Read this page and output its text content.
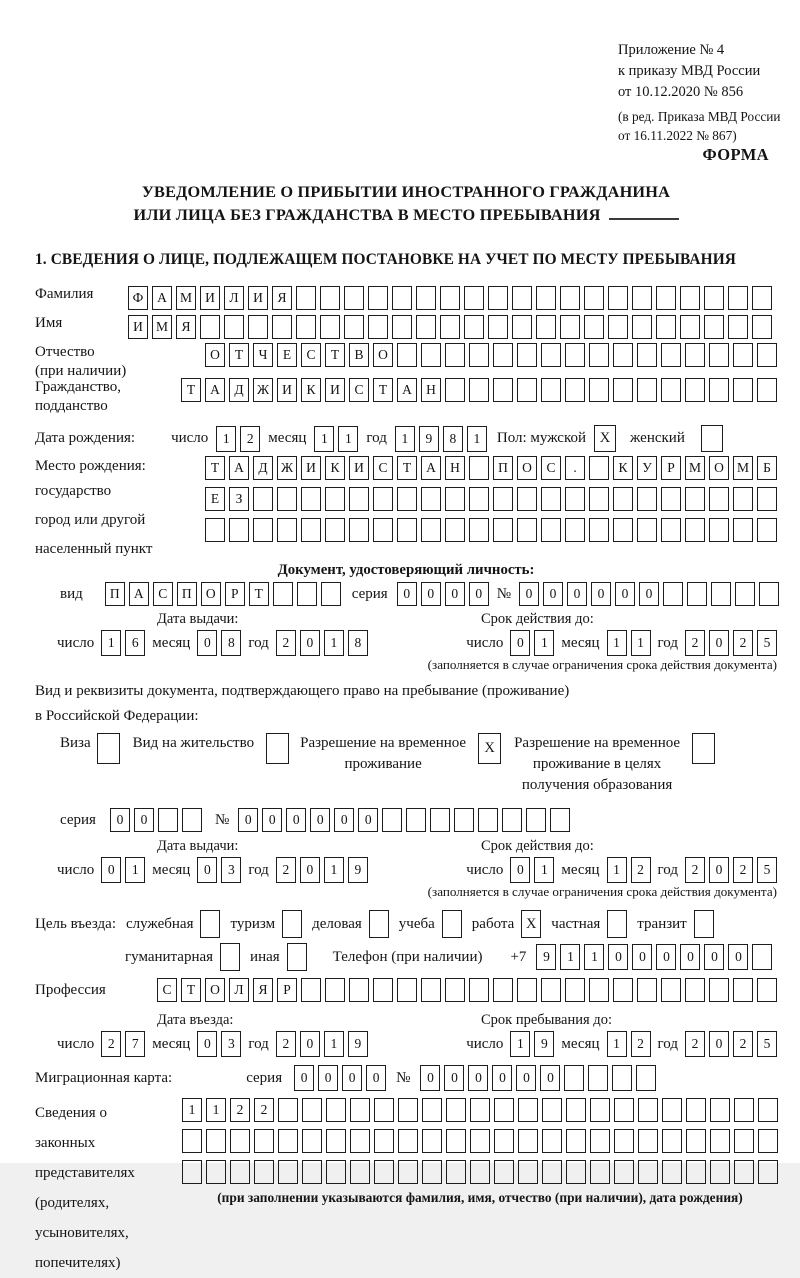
Приложение № 4
к приказу МВД России
от 10.12.2020 № 856
(в ред. Приказа МВД России
от 16.11.2022 № 867)
ФОРМА
УВЕДОМЛЕНИЕ О ПРИБЫТИИ ИНОСТРАННОГО ГРАЖДАНИНА
ИЛИ ЛИЦА БЕЗ ГРАЖДАНСТВА В МЕСТО ПРЕБЫВАНИЯ
1. СВЕДЕНИЯ О ЛИЦЕ, ПОДЛЕЖАЩЕМ ПОСТАНОВКЕ НА УЧЕТ ПО МЕСТУ ПРЕБЫВАНИЯ
Фамилия	Ф	А М И	Л	И	Я
Имя	И М Я
Отчество
(при наличии)
О	Т	Ч	Е	С	Т	В	О
Гражданство,
подданство
Т	А	Д Ж И	К	И	С	Т	А	Н
Дата рождения: число	1	2 месяц	1	1 год	1	9	8	1	Пол: мужской X	женский
Место рождения:
государство
город или другой
населенный пункт
Т	А	Д Ж И	К	И	С	Т	А	Н	П	О	С	.	К	У	Р	М О М	Б
Е	З
Документ, удостоверяющий личность:
вид	П	А	С	П	О	Р	Т	серия	0	0	0	0 №	0	0	0	0	0	0
Дата выдачи:	Срок действия до:
число	1	6 месяц	0	8 год	2	0	1	8	число	0	1 месяц	1	1 год	2	0	2	5
(заполняется в случае ограничения срока действия документа)
Вид и реквизиты документа, подтверждающего право на пребывание (проживание)
в Российской Федерации:
Виза	Вид на жительство	Разрешение на временное
проживание
X	Разрешение на временное
проживание в целях
получения образования
серия	0	0	№	0	0	0	0	0	0
Дата выдачи:	Срок действия до:
число	0	1 месяц	0	3 год	2	0	1	9	число	0	1 месяц	1	2 год	2	0	2	5
(заполняется в случае ограничения срока действия документа)
Цель въезда: служебная туризм деловая учеба работа X частная транзит
гуманитарная иная	Телефон (при наличии) +7	9	1	1	0	0	0	0	0	0
Профессия	С	Т	О	Л	Я	Р
Дата въезда:	Срок пребывания до:
число	2	7 месяц	0	3 год	2	0	1	9	число	1	9 месяц	1	2 год	2	0	2	5
Миграционная карта:	серия	0	0	0	0	№	0	0	0	0	0	0
Сведения о
законных
представителях
(родителях,
усыновителях,
попечителях)
1	1	2	2
(при заполнении указываются фамилия, имя, отчество (при наличии), дата рождения)
